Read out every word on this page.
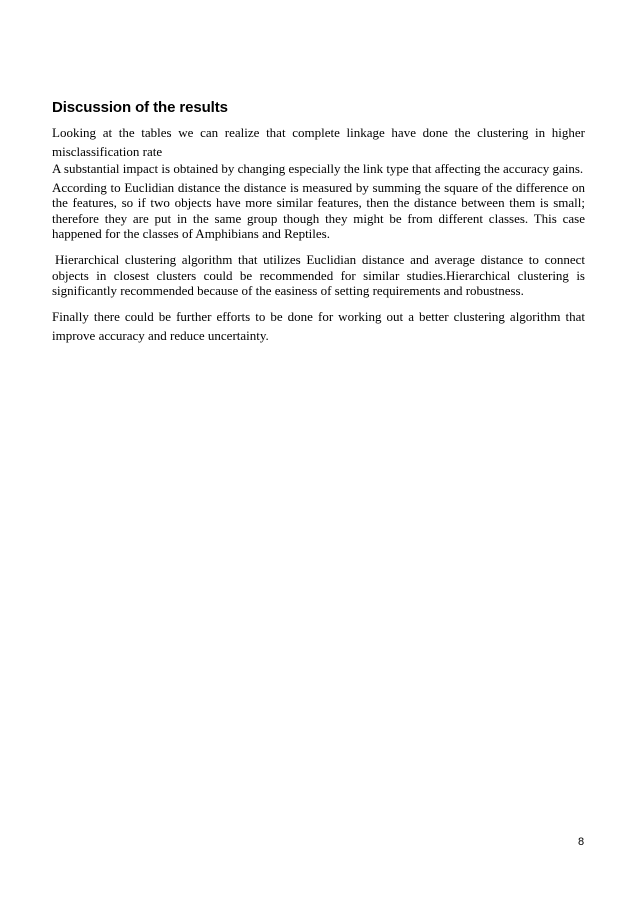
Discussion of the results

Looking at the tables we can realize that complete linkage have done the clustering in higher misclassification rate

A substantial impact is obtained by changing especially the link type that affecting the accuracy gains.

According to Euclidian distance the distance is measured by summing the square of the difference on the features, so if two objects have more similar features, then the distance between them is small; therefore they are put in the same group though they might be from different classes. This case happened for the classes of Amphibians and Reptiles.

Hierarchical clustering algorithm that utilizes Euclidian distance and average distance to connect objects in closest clusters could be recommended for similar studies.Hierarchical clustering is significantly recommended because of the easiness of setting requirements and robustness.

Finally there could be further efforts to be done for working out a better clustering algorithm that improve accuracy and reduce uncertainty.

8
